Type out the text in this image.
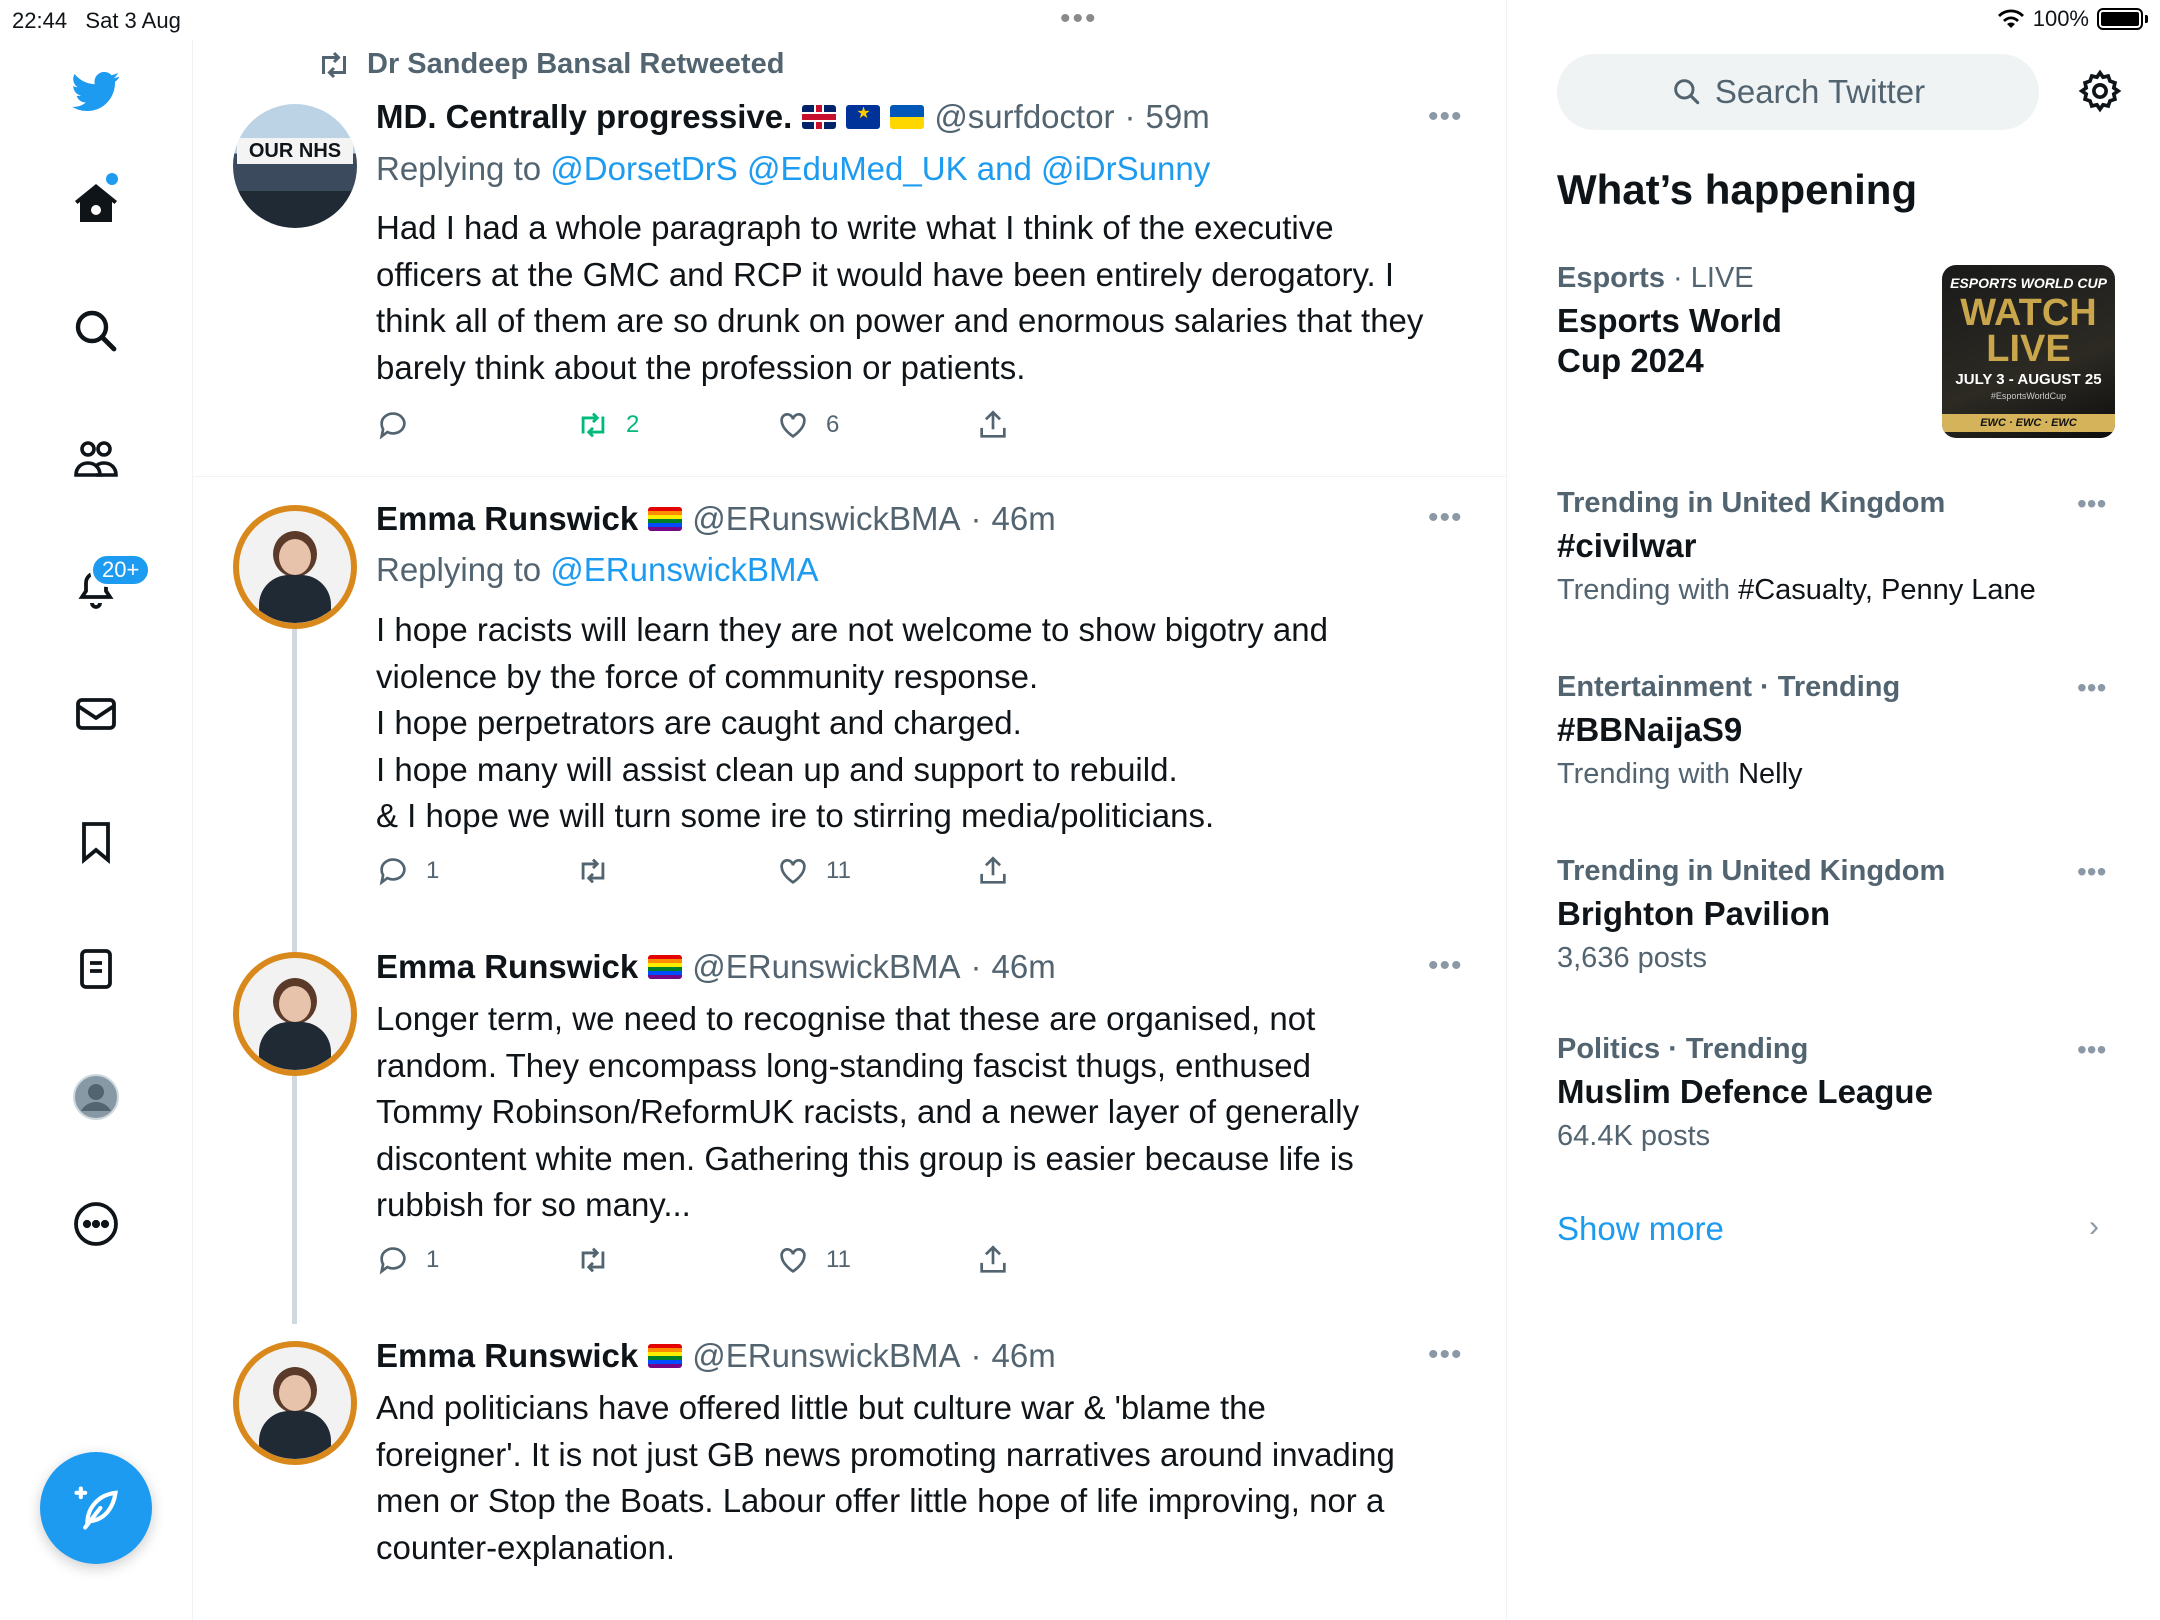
22:44 Sat 3 Aug	•••	100%
20+
Dr Sandeep Bansal Retweeted
OUR NHS
MD. Centrally progressive. ★	@surfdoctor · 59m	•••
Replying to @DorsetDrS @EduMed_UK and @iDrSunny
Had I had a whole paragraph to write what I think of the executive
officers at the GMC and RCP it would have been entirely derogatory. I
think all of them are so drunk on power and enormous salaries that they
barely think about the profession or patients.
2	6
Emma Runswick @ERunswickBMA · 46m	•••
Replying to @ERunswickBMA
I hope racists will learn they are not welcome to show bigotry and
violence by the force of community response.
I hope perpetrators are caught and charged.
I hope many will assist clean up and support to rebuild.
& I hope we will turn some ire to stirring media/politicians.
1	11
Emma Runswick @ERunswickBMA · 46m	•••
Longer term, we need to recognise that these are organised, not
random. They encompass long-standing fascist thugs, enthused
Tommy Robinson/ReformUK racists, and a newer layer of generally
discontent white men. Gathering this group is easier because life is
rubbish for so many...
1	11
Emma Runswick @ERunswickBMA · 46m	•••
And politicians have offered little but culture war & 'blame the
foreigner'. It is not just GB news promoting narratives around invading
men or Stop the Boats. Labour offer little hope of life improving, nor a
counter-explanation.
Search Twitter
What’s happening
Esports · LIVE
Esports World
Cup 2024
ESPORTS WORLD CUP
WATCH LIVE
JULY 3 - AUGUST 25
#EsportsWorldCup
EWC · EWC · EWC
Trending in United Kingdom
#civilwar
Trending with #Casualty, Penny Lane
•••
Entertainment · Trending
#BBNaijaS9
Trending with Nelly
•••
Trending in United Kingdom
Brighton Pavilion
3,636 posts
•••
Politics · Trending
Muslim Defence League
64.4K posts
•••
Show more	›
